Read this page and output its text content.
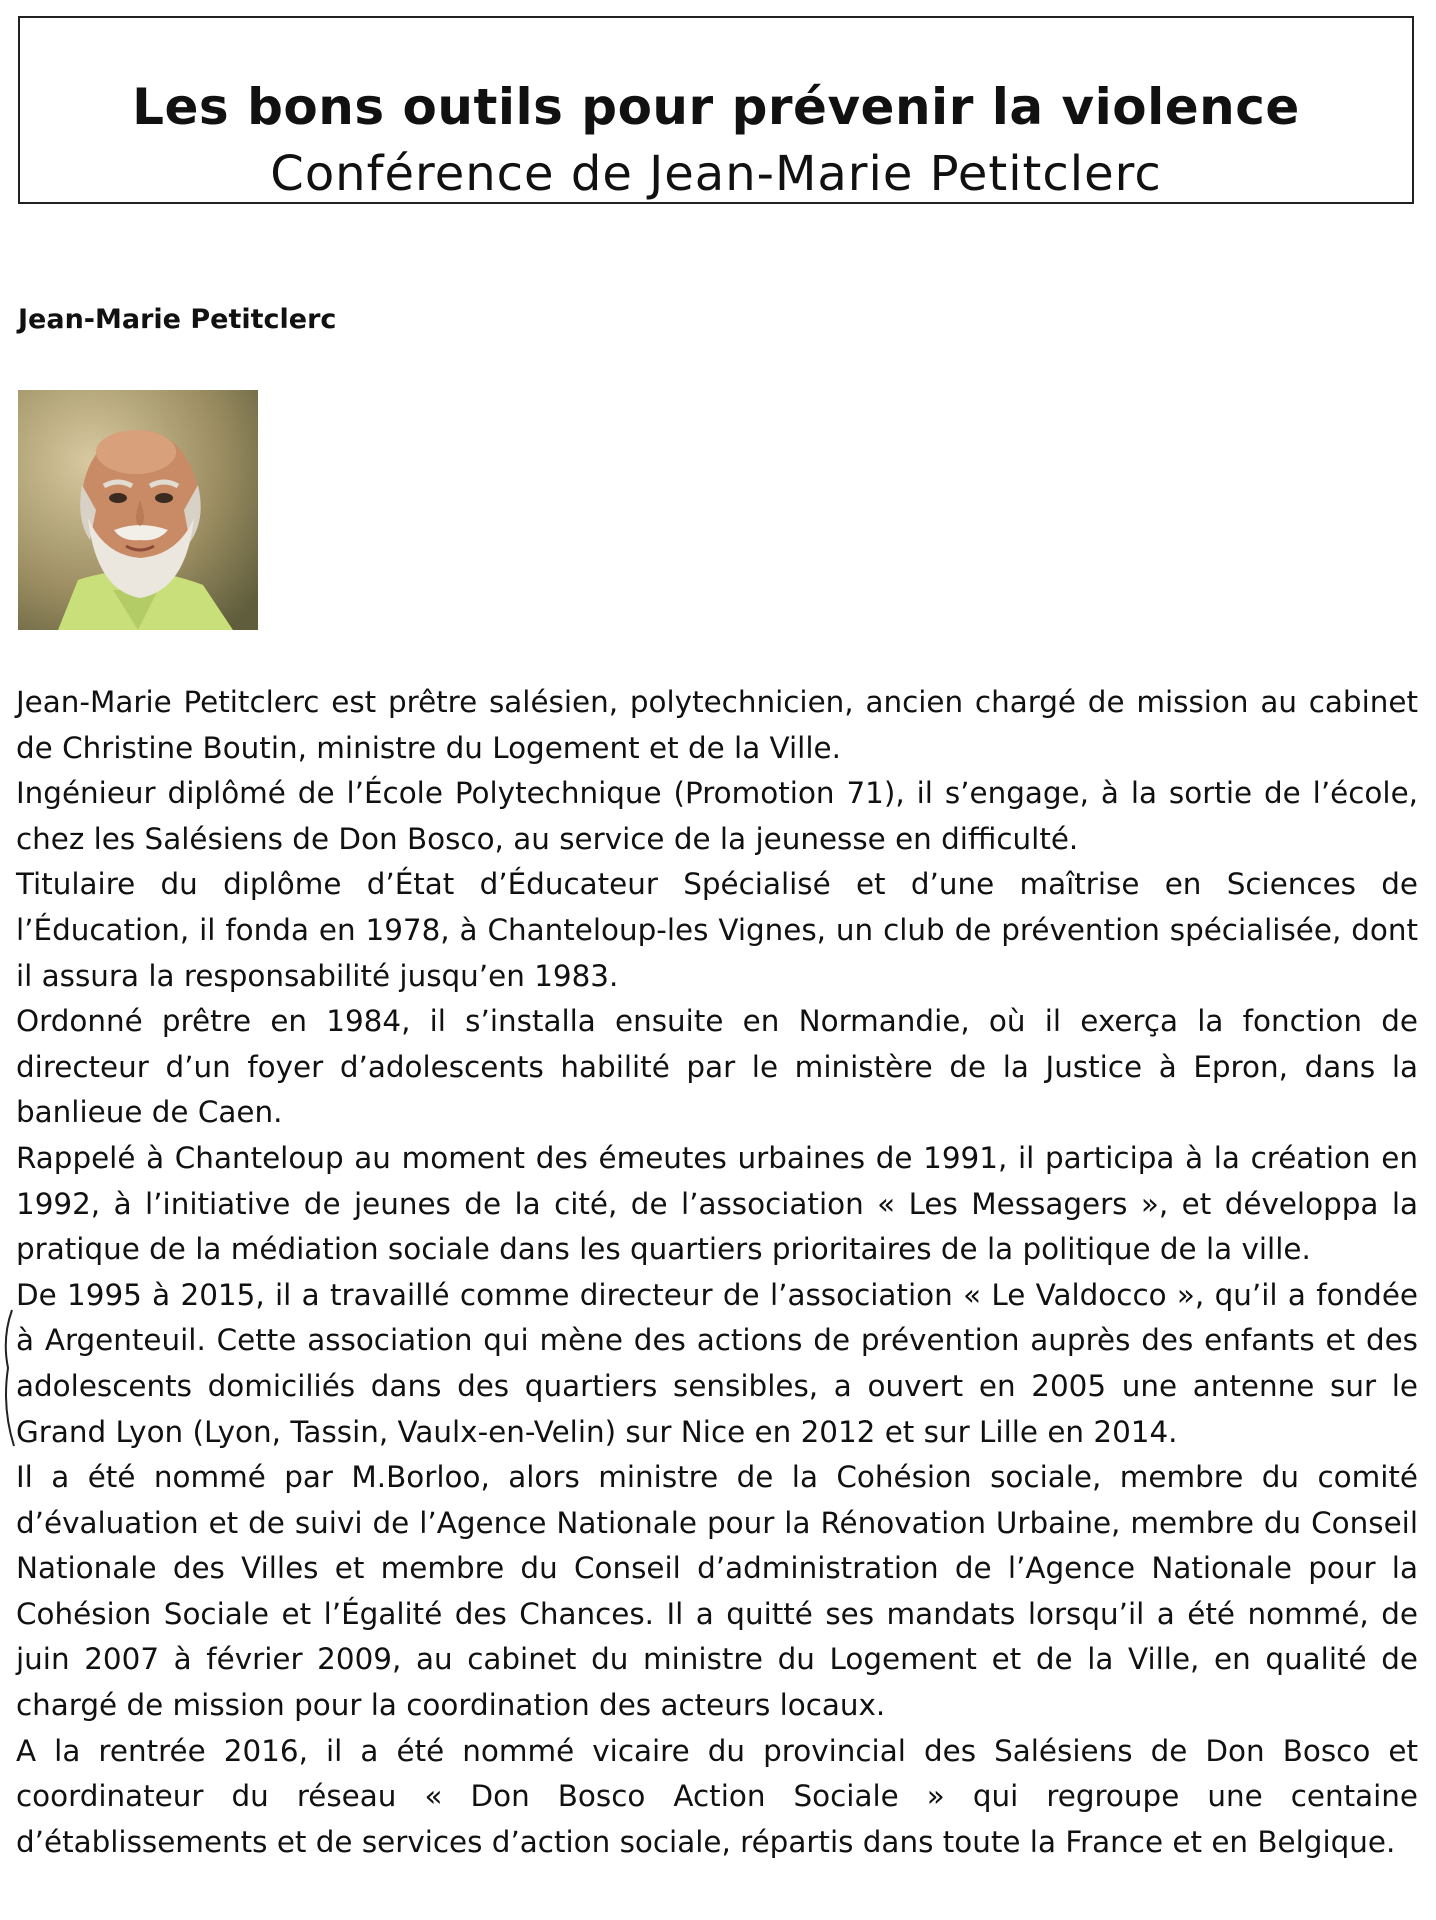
Les bons outils pour prévenir la violence
Conférence de Jean-Marie Petitclerc
Jean-Marie Petitclerc

Jean-Marie Petitclerc est prêtre salésien, polytechnicien, ancien chargé de mission au cabinet de Christine Boutin, ministre du Logement et de la Ville.

Ingénieur diplômé de l’École Polytechnique (Promotion 71), il s’engage, à la sortie de l’école, chez les Salésiens de Don Bosco, au service de la jeunesse en difficulté.

Titulaire du diplôme d’État d’Éducateur Spécialisé et d’une maîtrise en Sciences de l’Éducation, il fonda en 1978, à Chanteloup-les Vignes, un club de prévention spécialisée, dont il assura la responsabilité jusqu’en 1983.

Ordonné prêtre en 1984, il s’installa ensuite en Normandie, où il exerça la fonction de directeur d’un foyer d’adolescents habilité par le ministère de la Justice à Epron, dans la banlieue de Caen.

Rappelé à Chanteloup au moment des émeutes urbaines de 1991, il participa à la création en 1992, à l’initiative de jeunes de la cité, de l’association « Les Messagers », et développa la pratique de la médiation sociale dans les quartiers prioritaires de la politique de la ville.

De 1995 à 2015, il a travaillé comme directeur de l’association « Le Valdocco », qu’il a fondée à Argenteuil. Cette association qui mène des actions de prévention auprès des enfants et des adolescents domiciliés dans des quartiers sensibles, a ouvert en 2005 une antenne sur le Grand Lyon (Lyon, Tassin, Vaulx-en-Velin) sur Nice en 2012 et sur Lille en 2014.

Il a été nommé par M.Borloo, alors ministre de la Cohésion sociale, membre du comité d’évaluation et de suivi de l’Agence Nationale pour la Rénovation Urbaine, membre du Conseil Nationale des Villes et membre du Conseil d’administration de l’Agence Nationale pour la Cohésion Sociale et l’Égalité des Chances. Il a quitté ses mandats lorsqu’il a été nommé, de juin 2007 à février 2009, au cabinet du ministre du Logement et de la Ville, en qualité de chargé de mission pour la coordination des acteurs locaux.

A la rentrée 2016, il a été nommé vicaire du provincial des Salésiens de Don Bosco et coordinateur du réseau « Don Bosco Action Sociale » qui regroupe une centaine d’établissements et de services d’action sociale, répartis dans toute la France et en Belgique.
